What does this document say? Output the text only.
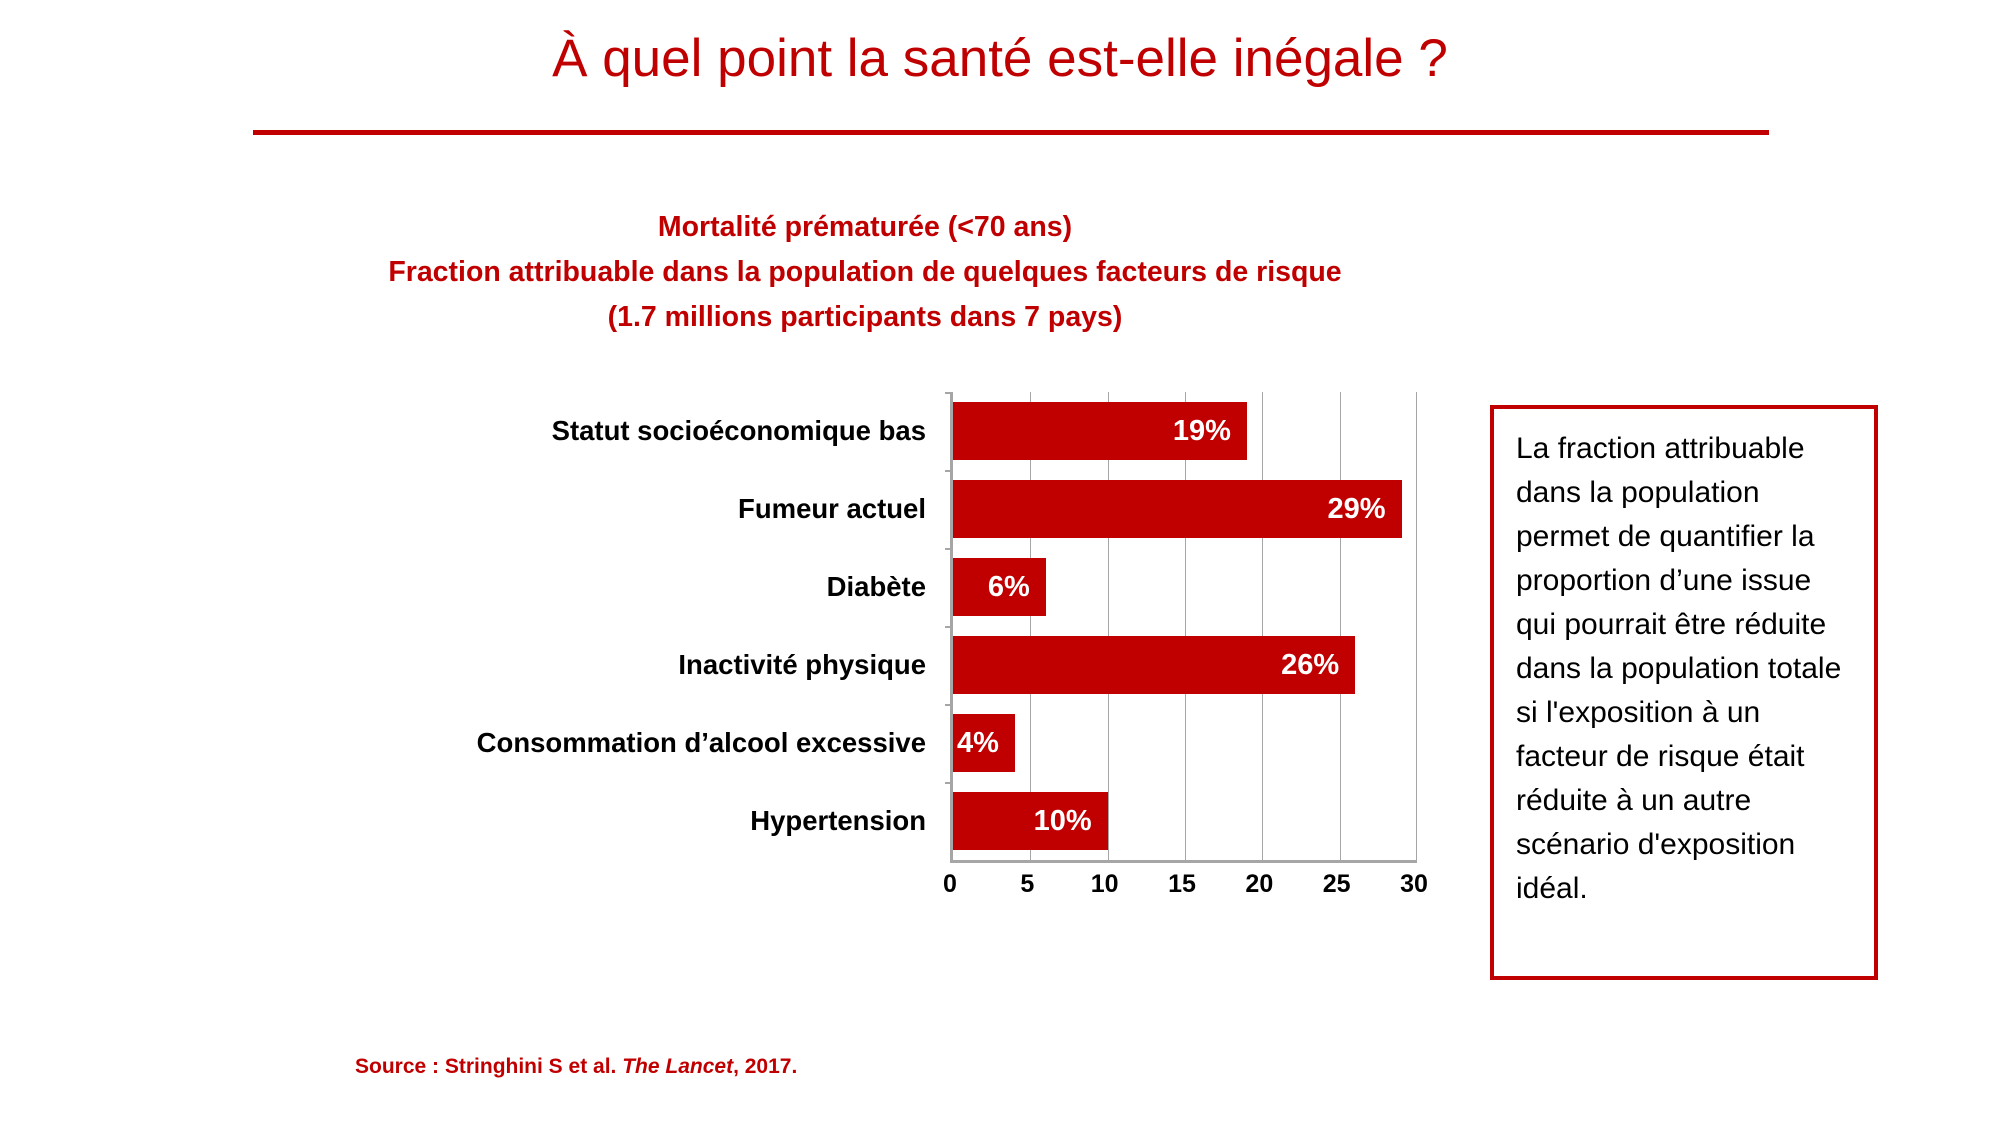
À quel point la santé est-elle inégale ?
Mortalité prématurée (<70 ans)
Fraction attribuable dans la population de quelques facteurs de risque
(1.7 millions participants dans 7 pays)
Statut socioéconomique bas
Fumeur actuel
Diabète
Inactivité physique
Consommation d’alcool excessive
Hypertension
19%
29%
6%
26%
4%
10%
0	5 10 15 20 25 30
La fraction attribuable dans la population permet de quantifier la proportion d’une issue qui pourrait être réduite dans la population totale si l'exposition à un facteur de risque était réduite à un autre scénario d'exposition idéal.
Source : Stringhini S et al. The Lancet, 2017.
